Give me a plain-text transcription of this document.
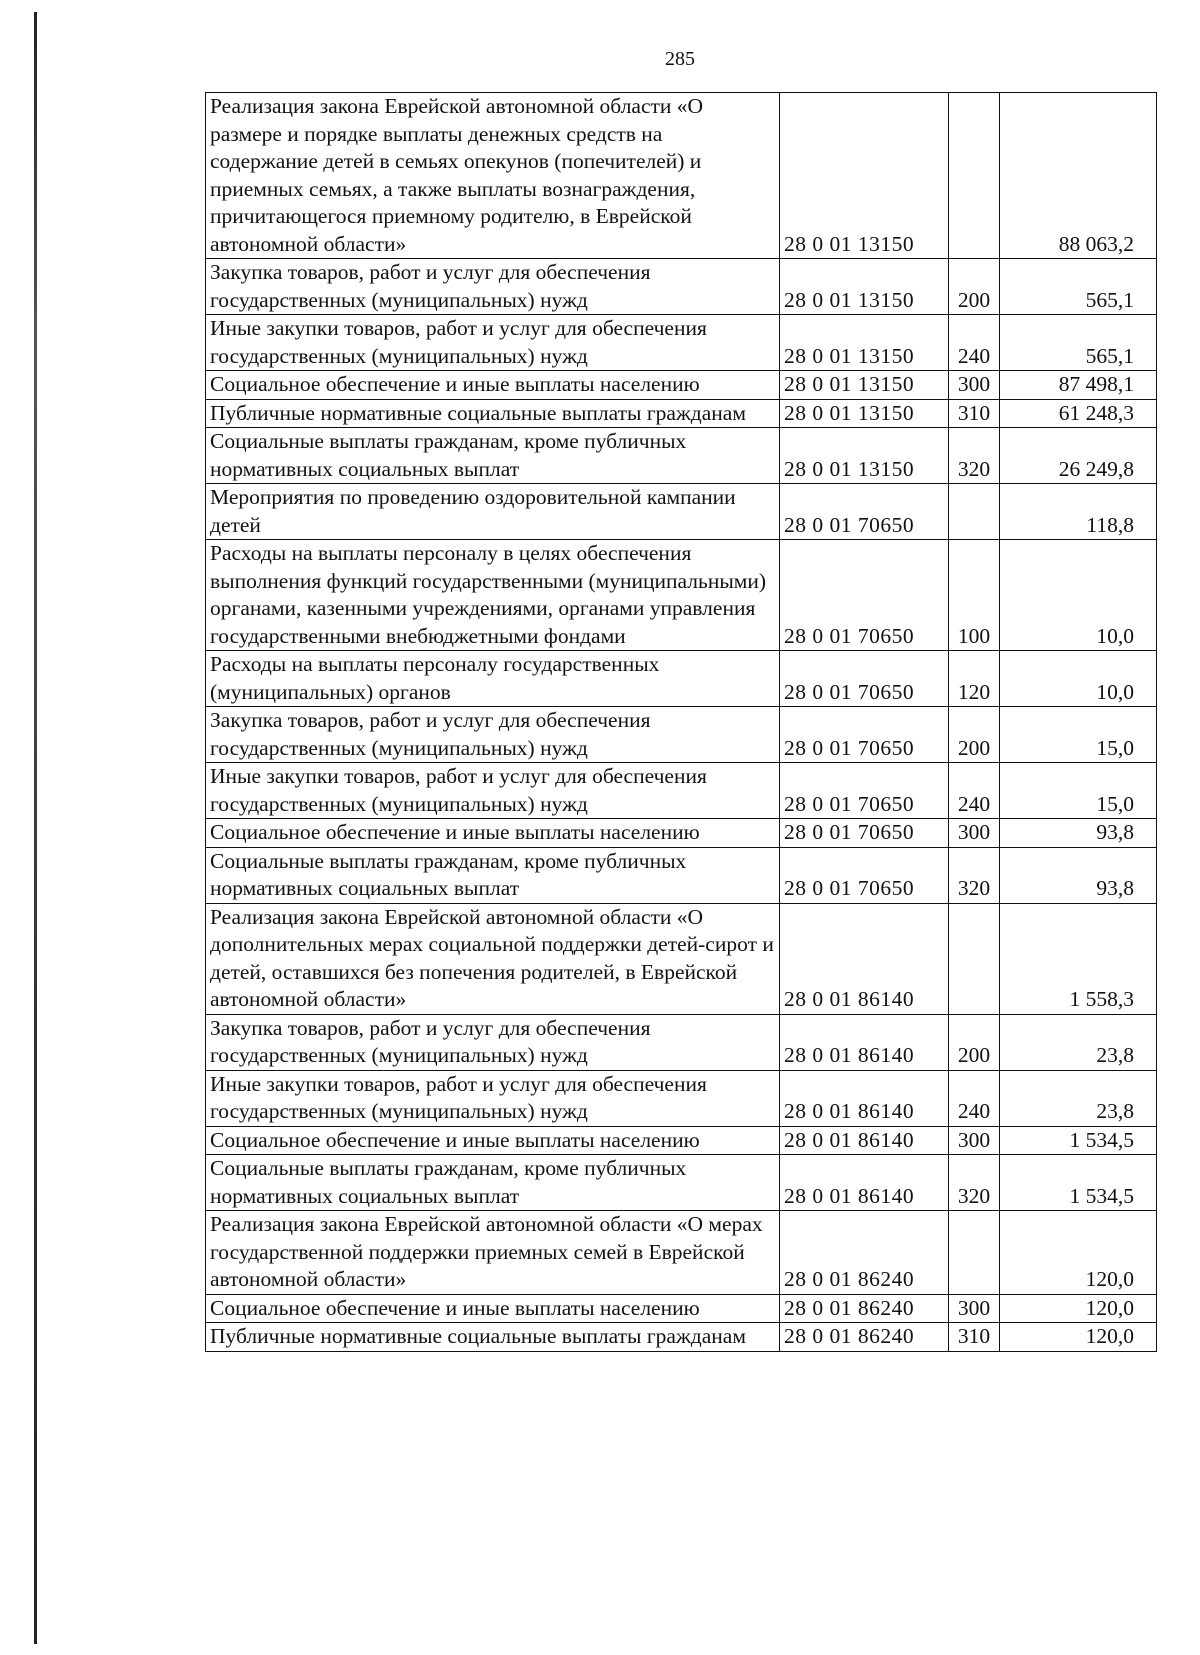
285
Реализация закона Еврейской автономной области «О размере и порядке выплаты денежных средств на содержание детей в семьях опекунов (попечителей) и приемных семьях, а также выплаты вознаграждения, причитающегося приемному родителю, в Еврейской автономной области»	28 0 01 13150		88 063,2
Закупка товаров, работ и услуг для обеспечения государственных (муниципальных) нужд	28 0 01 13150	200	565,1
Иные закупки товаров, работ и услуг для обеспечения государственных (муниципальных) нужд	28 0 01 13150	240	565,1
Социальное обеспечение и иные выплаты населению	28 0 01 13150	300	87 498,1
Публичные нормативные социальные выплаты гражданам	28 0 01 13150	310	61 248,3
Социальные выплаты гражданам, кроме публичных нормативных социальных выплат	28 0 01 13150	320	26 249,8
Мероприятия по проведению оздоровительной кампании детей	28 0 01 70650		118,8
Расходы на выплаты персоналу в целях обеспечения выполнения функций государственными (муниципальными) органами, казенными учреждениями, органами управления государственными внебюджетными фондами	28 0 01 70650	100	10,0
Расходы на выплаты персоналу государственных (муниципальных) органов	28 0 01 70650	120	10,0
Закупка товаров, работ и услуг для обеспечения государственных (муниципальных) нужд	28 0 01 70650	200	15,0
Иные закупки товаров, работ и услуг для обеспечения государственных (муниципальных) нужд	28 0 01 70650	240	15,0
Социальное обеспечение и иные выплаты населению	28 0 01 70650	300	93,8
Социальные выплаты гражданам, кроме публичных нормативных социальных выплат	28 0 01 70650	320	93,8
Реализация закона Еврейской автономной области «О дополнительных мерах социальной поддержки детей-сирот и детей, оставшихся без попечения родителей, в Еврейской автономной области»	28 0 01 86140		1 558,3
Закупка товаров, работ и услуг для обеспечения государственных (муниципальных) нужд	28 0 01 86140	200	23,8
Иные закупки товаров, работ и услуг для обеспечения государственных (муниципальных) нужд	28 0 01 86140	240	23,8
Социальное обеспечение и иные выплаты населению	28 0 01 86140	300	1 534,5
Социальные выплаты гражданам, кроме публичных нормативных социальных выплат	28 0 01 86140	320	1 534,5
Реализация закона Еврейской автономной области «О мерах государственной поддержки приемных семей в Еврейской автономной области»	28 0 01 86240		120,0
Социальное обеспечение и иные выплаты населению	28 0 01 86240	300	120,0
Публичные нормативные социальные выплаты гражданам	28 0 01 86240	310	120,0
